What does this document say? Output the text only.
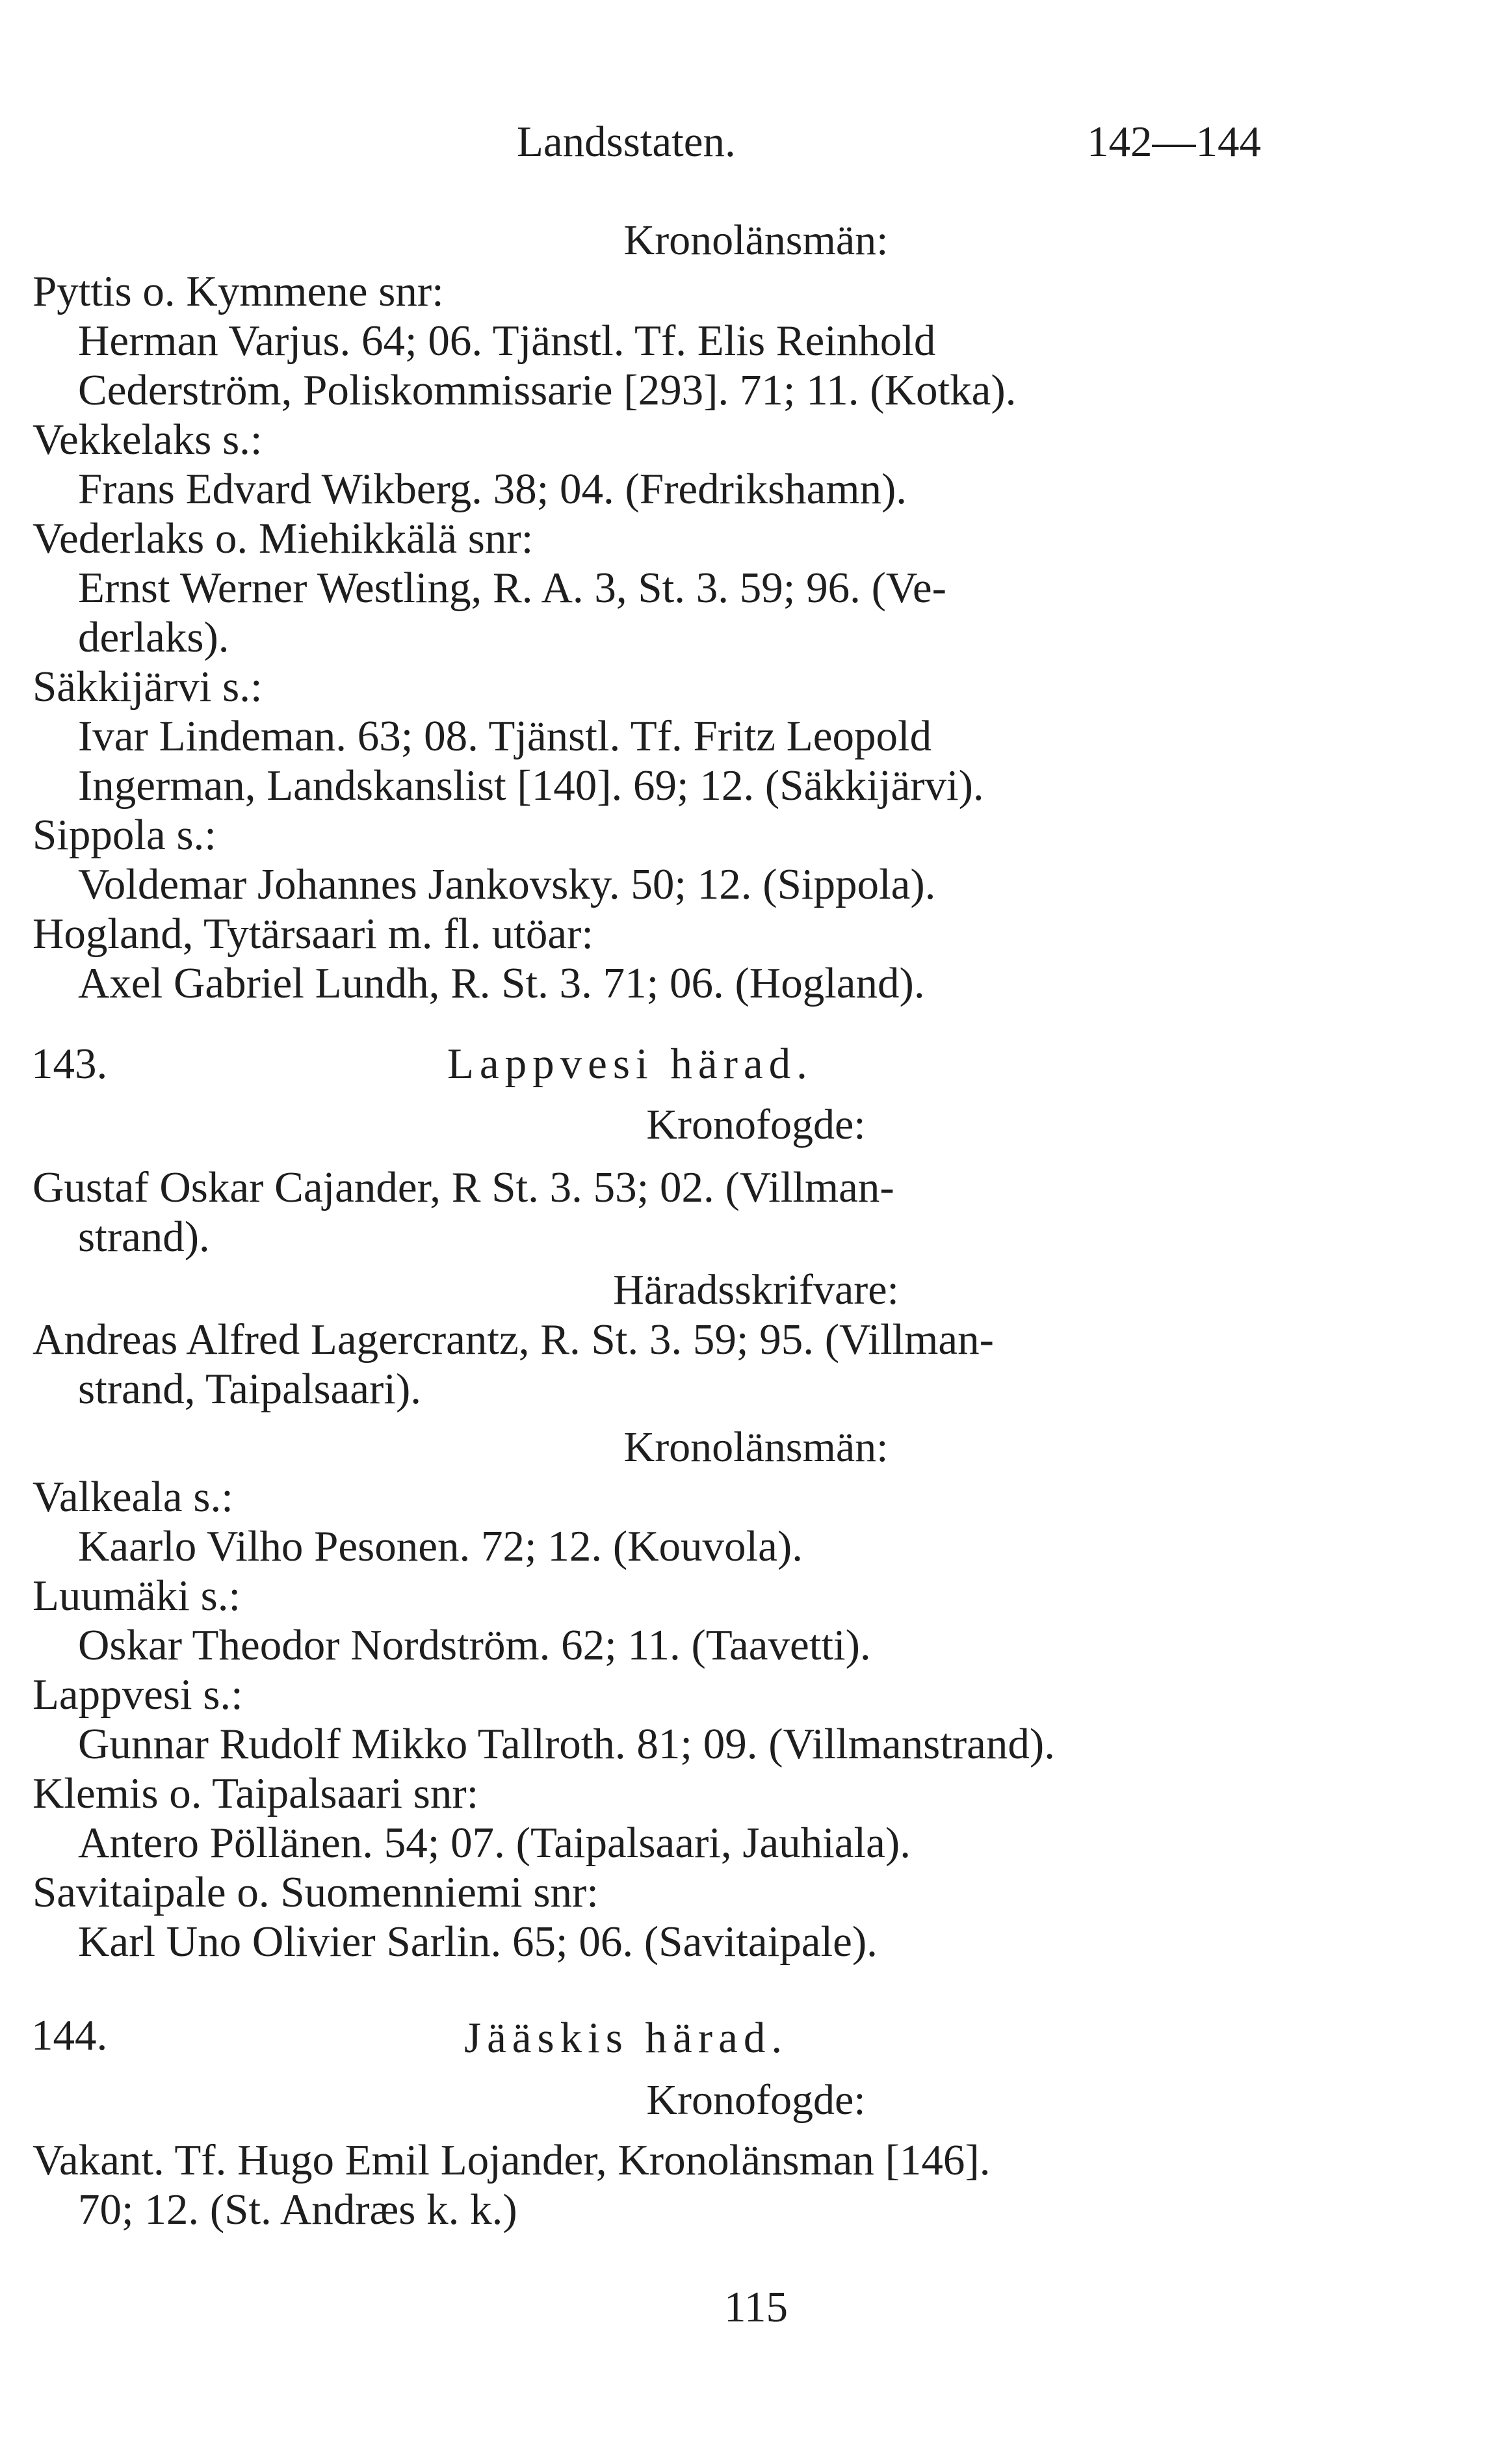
Landsstaten.	142—144
Kronolänsmän:
Pyttis o. Kymmene snr:
Herman Varjus. 64; 06. Tjänstl. Tf. Elis Reinhold
Cederström, Poliskommissarie [293]. 71; 11. (Kotka).
Vekkelaks s.:
Frans Edvard Wikberg. 38; 04. (Fredrikshamn).
Vederlaks o. Miehikkälä snr:
Ernst Werner Westling, R. A. 3, St. 3. 59; 96. (Ve-
derlaks).
Säkkijärvi s.:
Ivar Lindeman. 63; 08. Tjänstl. Tf. Fritz Leopold
Ingerman, Landskanslist [140]. 69; 12. (Säkkijärvi).
Sippola s.:
Voldemar Johannes Jankovsky. 50; 12. (Sippola).
Hogland, Tytärsaari m. fl. utöar:
Axel Gabriel Lundh, R. St. 3. 71; 06. (Hogland).
143.	Lappvesi härad.
Kronofogde:
Gustaf Oskar Cajander, R St. 3. 53; 02. (Villman-
strand).
Häradsskrifvare:
Andreas Alfred Lagercrantz, R. St. 3. 59; 95. (Villman-
strand, Taipalsaari).
Kronolänsmän:
Valkeala s.:
Kaarlo Vilho Pesonen. 72; 12. (Kouvola).
Luumäki s.:
Oskar Theodor Nordström. 62; 11. (Taavetti).
Lappvesi s.:
Gunnar Rudolf Mikko Tallroth. 81; 09. (Villmanstrand).
Klemis o. Taipalsaari snr:
Antero Pöllänen. 54; 07. (Taipalsaari, Jauhiala).
Savitaipale o. Suomenniemi snr:
Karl Uno Olivier Sarlin. 65; 06. (Savitaipale).
144.	Jääskis härad.
Kronofogde:
Vakant. Tf. Hugo Emil Lojander, Kronolänsman [146].
70; 12. (St. Andræs k. k.)
115
